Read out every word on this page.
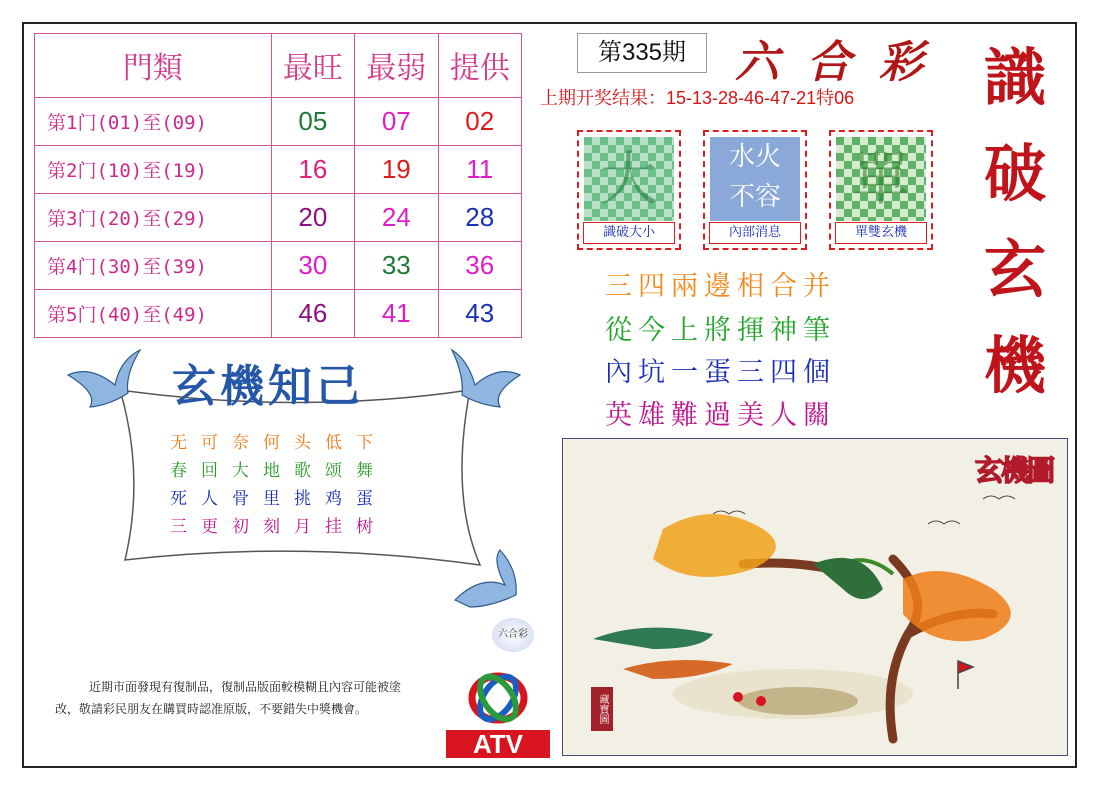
門類	最旺	最弱	提供
第1门(01)至(09)	05	07	02
第2门(10)至(19)	16	19	11
第3门(20)至(29)	20	24	28
第4门(30)至(39)	30	33	36
第5门(40)至(49)	46	41	43
第335期	六合彩
上期开奖结果：15-13-28-46-47-21特06 識
破
玄
機
大
識破大小
水火
不容
內部消息
單
單雙玄機
三四兩邊相合并
從今上將揮神筆
內坑一蛋三四個
英雄難過美人關
玄機知己
无可奈何头低下
春回大地歌颂舞
死人骨里挑鸡蛋
三更初刻月挂树
六合彩
近期市面發現有復制品，復制品版面較模糊且內容可能被塗
改，敬請彩民朋友在購買時認准原版，不要錯失中獎機會。
ATV
玄機圖
藏寶圖
